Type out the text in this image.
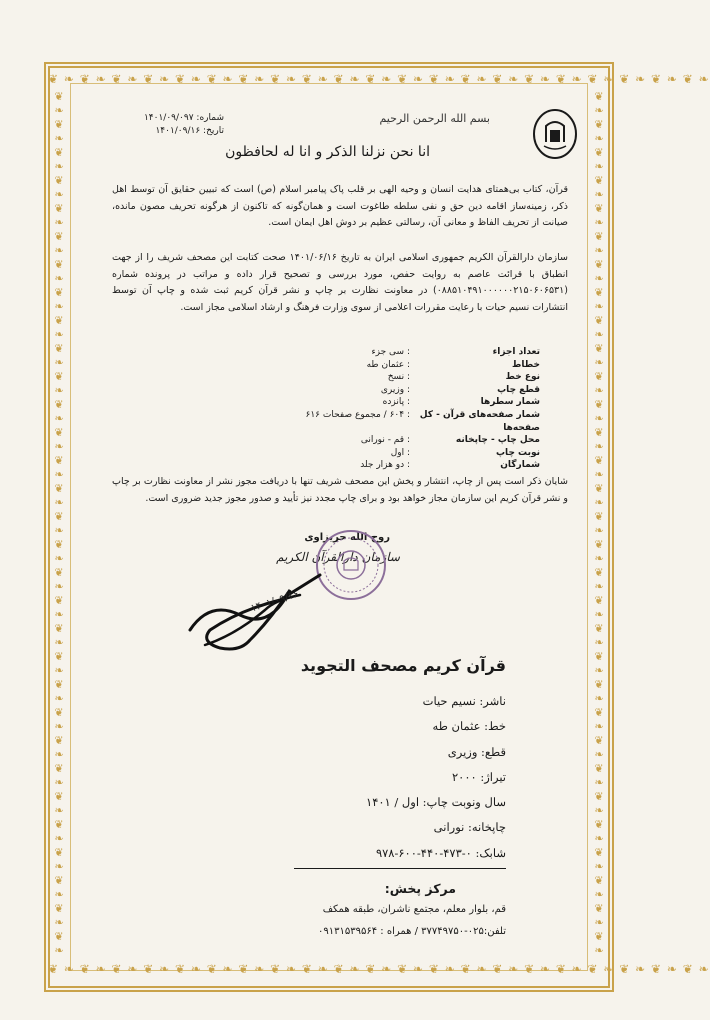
❦ ❧ ❦ ❧ ❦ ❧ ❦ ❧ ❦ ❧ ❦ ❧ ❦ ❧ ❦ ❧ ❦ ❧ ❦ ❧ ❦ ❧ ❦ ❧ ❦ ❧ ❦ ❧ ❦ ❧ ❦ ❧ ❦ ❧ ❦ ❧ ❦ ❧ ❦ ❧ ❦ ❧
❦ ❧ ❦ ❧ ❦ ❧ ❦ ❧ ❦ ❧ ❦ ❧ ❦ ❧ ❦ ❧ ❦ ❧ ❦ ❧ ❦ ❧ ❦ ❧ ❦ ❧ ❦ ❧ ❦ ❧ ❦ ❧ ❦ ❧ ❦ ❧ ❦ ❧ ❦ ❧ ❦ ❧
❦
❧
❦
❧
❦
❧
❦
❧
❦
❧
❦
❧
❦
❧
❦
❧
❦
❧
❦
❧
❦
❧
❦
❧
❦
❧
❦
❧
❦
❧
❦
❧
❦
❧
❦
❧
❦
❧
❦
❧
❦
❧
❦
❧
❦
❧
❦
❧
❦
❧
❦
❧
❦
❧
❦
❧
❦
❧
❦
❧
❦
❧
❦
❧
❦
❧
❦
❧
❦
❧
❦
❧
❦
❧
❦
❧
❦
❧
❦
❧
❦
❧
❦
❧
❦
❧
❦
❧
❦
❧
❦
❧
❦
❧
❦
❧
❦
❧
❦
❧
❦
❧
❦
❧
❦
❧
❦
❧
❦
❧
❦
❧
❦
❧
❦
❧
❦
❧
❦
❧
❦
❧
❦
❧
بسم الله الرحمن الرحيم
انا نحن نزلنا الذکر و انا له لحافظون
شماره: ۱۴۰۱/۰۹/۰۹۷
تاریخ: ۱۴۰۱/۰۹/۱۶
قرآن، کتاب بی‌همتای هدایت انسان و وحیه الهی بر قلب پاک پیامبر اسلام (ص) است که تبیین حقایق آن توسط اهل ذکر، زمینه‌ساز اقامه دین حق و نفی سلطه طاغوت است و همان‌گونه که تاکنون از هرگونه تحریف مصون مانده، صیانت از تحریف الفاظ و معانی آن، رسالتی عظیم بر دوش اهل ایمان است.
سازمان دارالقرآن الکریم جمهوری اسلامی ایران به تاریخ ۱۴۰۱/۰۶/۱۶ صحت کتابت این مصحف شریف را از جهت انطباق با قرائت عاصم به روایت حفص، مورد بررسی و تصحیح قرار داده و مراتب در پرونده شماره (۰۸۸۵۱۰۴۹۱۰۰۰۰۰۰۲۱۵۰۶۰۶۵۳۱) در معاونت نظارت بر چاپ و نشر قرآن کریم ثبت شده و چاپ آن توسط انتشارات نسیم حیات با رعایت مقررات اعلامی از سوی وزارت فرهنگ و ارشاد اسلامی مجاز است.
تعداد اجزاء
: سی جزء
خطاط
: عثمان طه
نوع خط
: نسخ
قطع چاپ
: وزیری
شمار سطرها
: پانزده
شمار صفحه‌های قرآن - کل صفحه‌ها
: ۶۰۴ / مجموع صفحات ۶۱۶
محل چاپ - چاپخانه
: قم - نورانی
نوبت چاپ
: اول
شمارگان
: دو هزار جلد
شایان ذکر است پس از چاپ، انتشار و پخش این مصحف شریف تنها با دریافت مجوز نشر از معاونت نظارت بر چاپ و نشر قرآن کریم این سازمان مجاز خواهد بود و برای چاپ مجدد نیز تأیید و صدور مجوز جدید ضروری است.
روح الله حریزاوی
سازمان دارالقرآن الکریم
۱۴۰۱/۰۹/۱۶
قرآن کریم مصحف التجوید
ناشر: نسیم حیات
خط: عثمان طه
قطع: وزیری
تیراژ: ۲۰۰۰
سال ونوبت چاپ: اول / ۱۴۰۱
چاپخانه: نورانی
شابک: ۰-۴۷۳-۴۴۰-۶۰۰-۹۷۸
مرکز پخش:
قم، بلوار معلم، مجتمع ناشران، طبقه همکف
تلفن:۰۲۵-۳۷۷۴۹۷۵۰ / همراه : ۰۹۱۳۱۵۳۹۵۶۴
